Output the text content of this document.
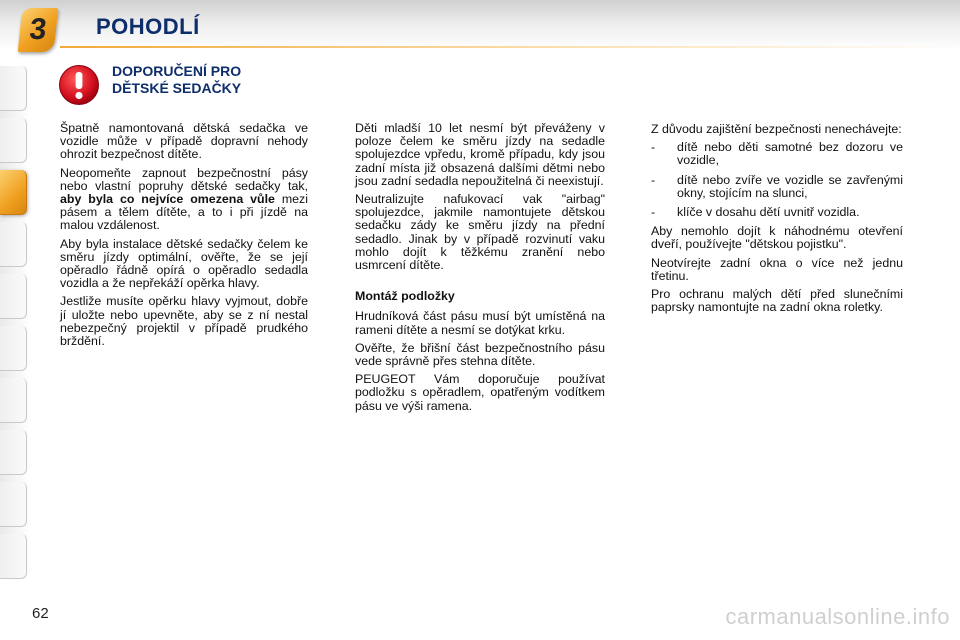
3 POHODLÍ
DOPORUČENÍ PRO
DĚTSKÉ SEDAČKY

Špatně namontovaná dětská sedačka ve vozidle může v případě dopravní nehody ohrozit bezpečnost dítěte.

Neopomeňte zapnout bezpečnostní pásy nebo vlastní popruhy dětské sedačky tak, aby byla co nejvíce omezena vůle mezi pásem a tělem dítěte, a to i při jízdě na malou vzdálenost.

Aby byla instalace dětské sedačky čelem ke směru jízdy optimální, ověřte, že se její opěradlo řádně opírá o opěradlo sedadla vozidla a že nepřekáží opěrka hlavy.

Jestliže musíte opěrku hlavy vyjmout, dobře jí uložte nebo upevněte, aby se z ní nestal nebezpečný projektil v případě prudkého brždění.

Děti mladší 10 let nesmí být převáženy v poloze čelem ke směru jízdy na sedadle spolujezdce vpředu, kromě případu, kdy jsou zadní místa již obsazená dalšími dětmi nebo jsou zadní sedadla nepoužitelná či neexistují.

Neutralizujte nafukovací vak "airbag" spolujezdce, jakmile namontujete dětskou sedačku zády ke směru jízdy na přední sedadlo. Jinak by v případě rozvinutí vaku mohlo dojít k těžkému zranění nebo usmrcení dítěte.

Montáž podložky

Hrudníková část pásu musí být umístěná na rameni dítěte a nesmí se dotýkat krku.

Ověřte, že břišní část bezpečnostního pásu vede správně přes stehna dítěte.

PEUGEOT Vám doporučuje používat podložku s opěradlem, opatřeným vodítkem pásu ve výši ramena.

Z důvodu zajištění bezpečnosti nenechávejte:

- dítě nebo děti samotné bez dozoru ve vozidle,
- dítě nebo zvíře ve vozidle se zavřenými okny, stojícím na slunci,
- klíče v dosahu dětí uvnitř vozidla.

Aby nemohlo dojít k náhodnému otevření dveří, používejte "dětskou pojistku".

Neotvírejte zadní okna o více než jednu třetinu.

Pro ochranu malých dětí před slunečními paprsky namontujte na zadní okna roletky.

62	carmanualsonline.info
